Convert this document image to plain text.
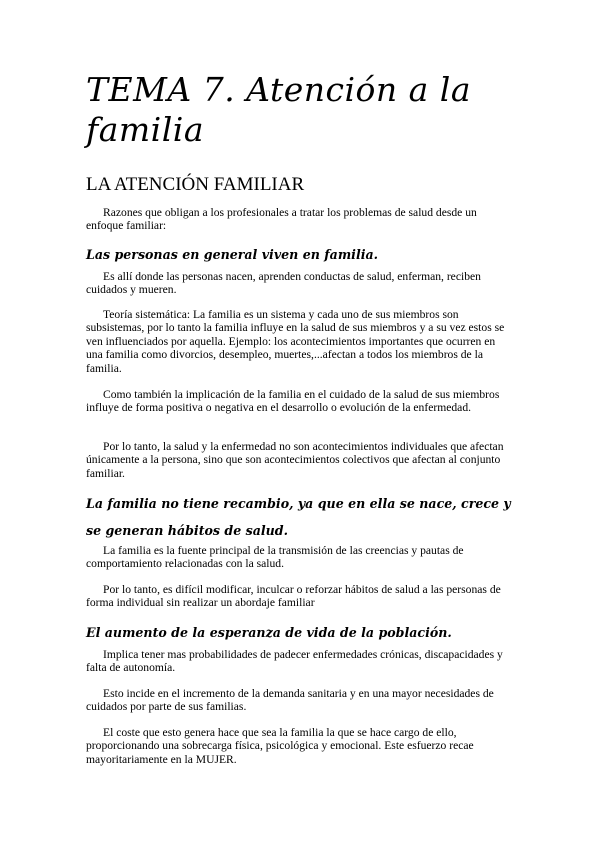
TEMA 7. Atención a la familia
LA ATENCIÓN FAMILIAR

Razones que obligan a los profesionales a tratar los problemas de salud desde un enfoque familiar:

Las personas en general viven en familia.

Es allí donde las personas nacen, aprenden conductas de salud, enferman, reciben cuidados y mueren.

Teoría sistemática: La familia es un sistema y cada uno de sus miembros son subsistemas, por lo tanto la familia influye en la salud de sus miembros y a su vez estos se ven influenciados por aquella. Ejemplo: los acontecimientos importantes que ocurren en una familia como divorcios, desempleo, muertes,...afectan a todos los miembros de la familia.

Como también la implicación de la familia en el cuidado de la salud de sus miembros influye de forma positiva o negativa en el desarrollo o evolución de la enfermedad.

Por lo tanto, la salud y la enfermedad no son acontecimientos individuales que afectan únicamente a la persona, sino que son acontecimientos colectivos que afectan al conjunto familiar.

La familia no tiene recambio, ya que en ella se nace, crece y se generan hábitos de salud.

La familia es la fuente principal de la transmisión de las creencias y pautas de comportamiento relacionadas con la salud.

Por lo tanto, es difícil modificar, inculcar o reforzar hábitos de salud a las personas de forma individual sin realizar un abordaje familiar

El aumento de la esperanza de vida de la población.

Implica tener mas probabilidades de padecer enfermedades crónicas, discapacidades y falta de autonomía.

Esto incide en el incremento de la demanda sanitaria y en una mayor necesidades de cuidados por parte de sus familias.

El coste que esto genera hace que sea la familia la que se hace cargo de ello, proporcionando una sobrecarga física, psicológica y emocional. Este esfuerzo recae mayoritariamente en la MUJER.
